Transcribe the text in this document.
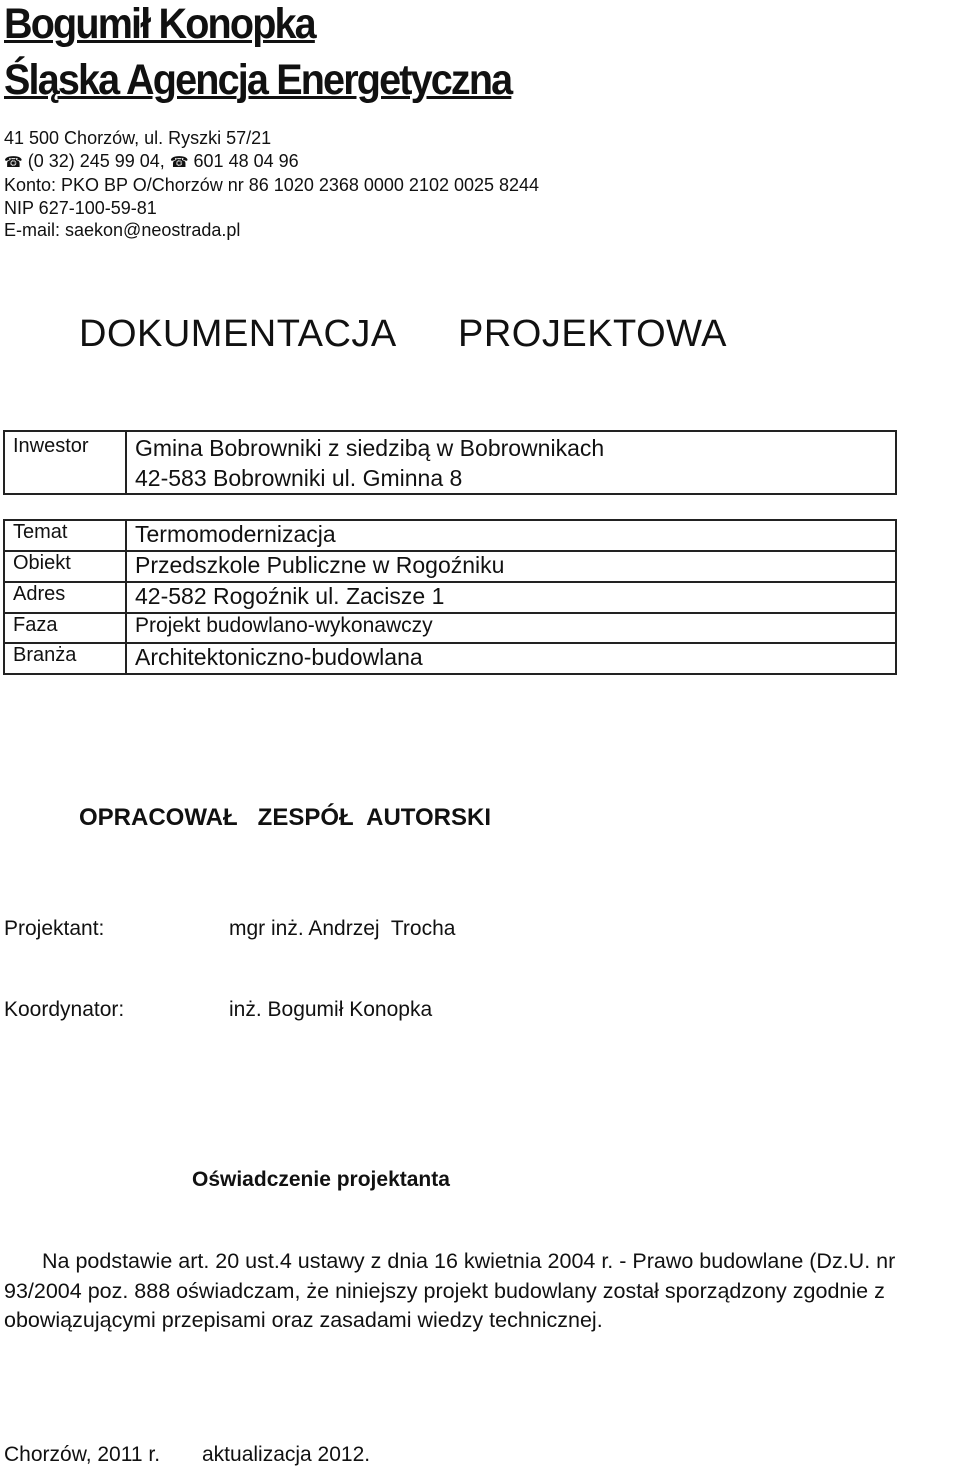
Bogumił Konopka
Śląska Agencja Energetyczna
41 500 Chorzów, ul. Ryszki 57/21
☎ (0 32) 245 99 04, ☎ 601 48 04 96
Konto: PKO BP O/Chorzów nr 86 1020 2368 0000 2102 0025 8244
NIP 627-100-59-81
E-mail: saekon@neostrada.pl
DOKUMENTACJA PROJEKTOWA
Inwestor	Gmina Bobrowniki z siedzibą w Bobrownikach
42-583 Bobrowniki ul. Gminna 8
Temat	Termomodernizacja
Obiekt	Przedszkole Publiczne w Rogoźniku
Adres	42-582 Rogoźnik ul. Zacisze 1
Faza	Projekt budowlano-wykonawczy
Branża	Architektoniczno-budowlana
OPRACOWAŁ   ZESPÓŁ  AUTORSKI
Projektant:	mgr inż. Andrzej  Trocha
Koordynator:	inż. Bogumił Konopka
Oświadczenie projektanta
Na podstawie art. 20 ust.4 ustawy z dnia 16 kwietnia 2004 r. - Prawo budowlane (Dz.U. nr 93/2004 poz. 888 oświadczam, że niniejszy projekt budowlany został sporządzony zgodnie z obowiązującymi przepisami oraz zasadami wiedzy technicznej.
Chorzów, 2011 r. aktualizacja 2012.
